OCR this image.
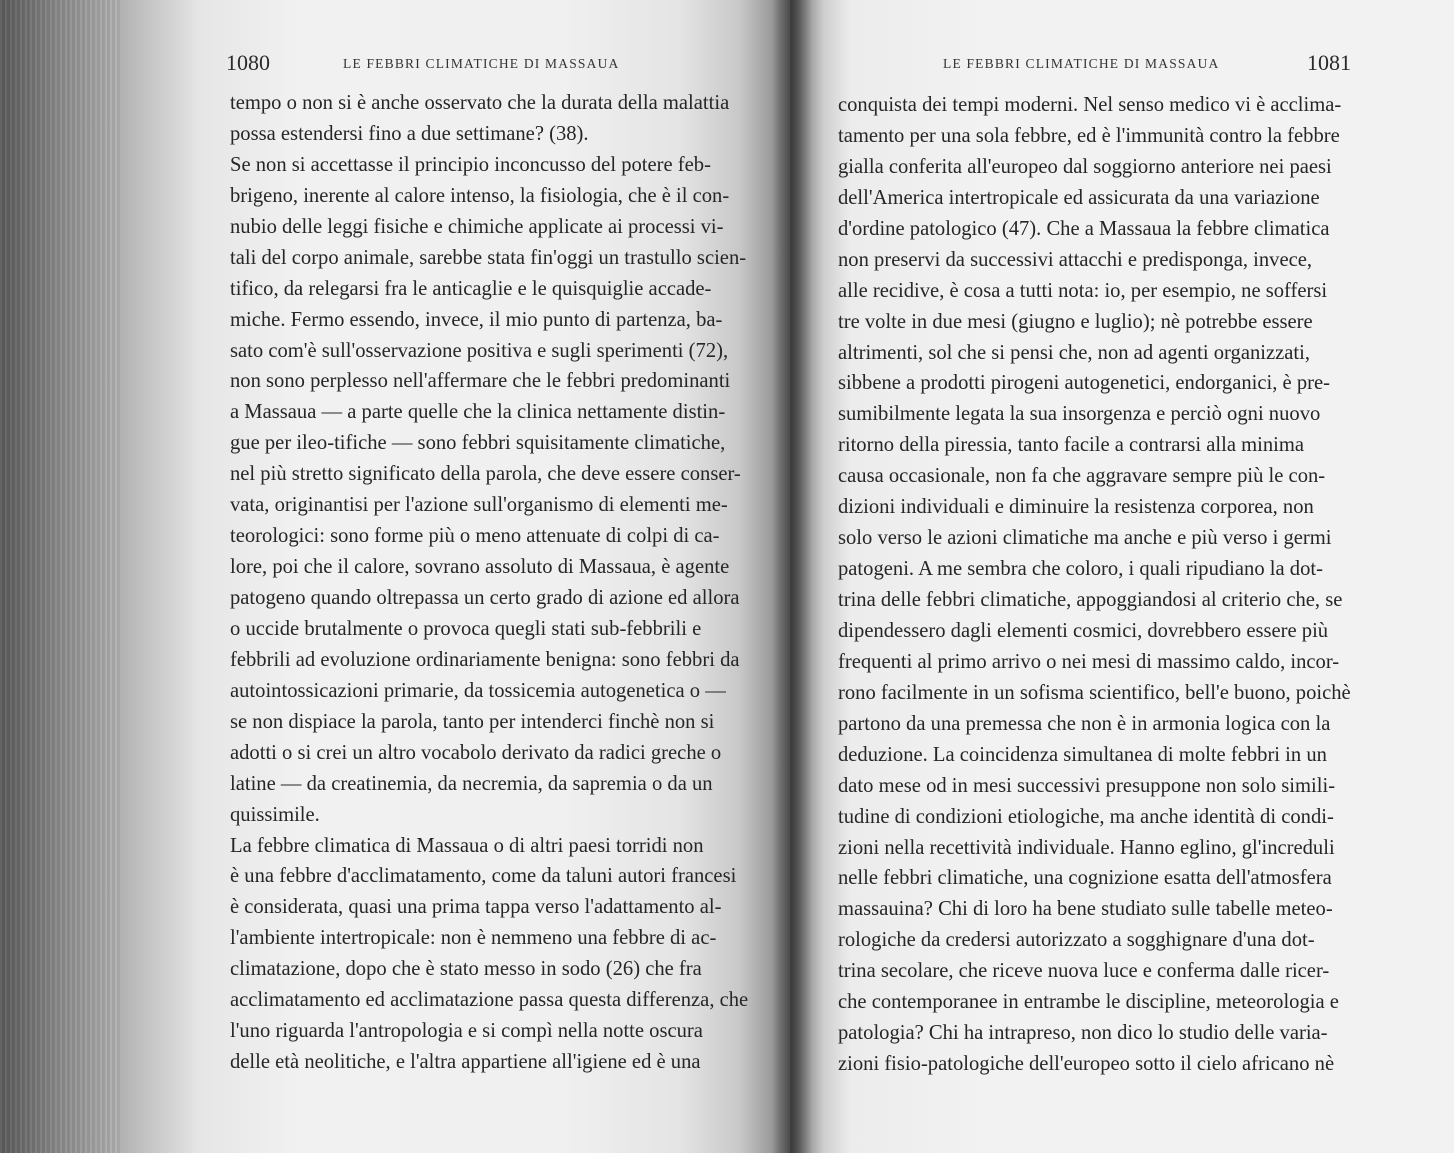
1080	LE FEBBRI CLIMATICHE DI MASSAUA	LE FEBBRI CLIMATICHE DI MASSAUA	1081
tempo o non si è anche osservato che la durata della malattia
possa estendersi fino a due settimane? (38).
Se non si accettasse il principio inconcusso del potere feb-
brigeno, inerente al calore intenso, la fisiologia, che è il con-
nubio delle leggi fisiche e chimiche applicate ai processi vi-
tali del corpo animale, sarebbe stata fin'oggi un trastullo scien-
tifico, da relegarsi fra le anticaglie e le quisquiglie accade-
miche. Fermo essendo, invece, il mio punto di partenza, ba-
sato com'è sull'osservazione positiva e sugli sperimenti (72),
non sono perplesso nell'affermare che le febbri predominanti
a Massaua — a parte quelle che la clinica nettamente distin-
gue per ileo-tifiche — sono febbri squisitamente climatiche,
nel più stretto significato della parola, che deve essere conser-
vata, originantisi per l'azione sull'organismo di elementi me-
teorologici: sono forme più o meno attenuate di colpi di ca-
lore, poi che il calore, sovrano assoluto di Massaua, è agente
patogeno quando oltrepassa un certo grado di azione ed allora
o uccide brutalmente o provoca quegli stati sub-febbrili e
febbrili ad evoluzione ordinariamente benigna: sono febbri da
autointossicazioni primarie, da tossicemia autogenetica o —
se non dispiace la parola, tanto per intenderci finchè non si
adotti o si crei un altro vocabolo derivato da radici greche o
latine — da creatinemia, da necremia, da sapremia o da un
quissimile.
La febbre climatica di Massaua o di altri paesi torridi non
è una febbre d'acclimatamento, come da taluni autori francesi
è considerata, quasi una prima tappa verso l'adattamento al-
l'ambiente intertropicale: non è nemmeno una febbre di ac-
climatazione, dopo che è stato messo in sodo (26) che fra
acclimatamento ed acclimatazione passa questa differenza, che
l'uno riguarda l'antropologia e si compì nella notte oscura
delle età neolitiche, e l'altra appartiene all'igiene ed è una
conquista dei tempi moderni. Nel senso medico vi è acclima-
tamento per una sola febbre, ed è l'immunità contro la febbre
gialla conferita all'europeo dal soggiorno anteriore nei paesi
dell'America intertropicale ed assicurata da una variazione
d'ordine patologico (47). Che a Massaua la febbre climatica
non preservi da successivi attacchi e predisponga, invece,
alle recidive, è cosa a tutti nota: io, per esempio, ne soffersi
tre volte in due mesi (giugno e luglio); nè potrebbe essere
altrimenti, sol che si pensi che, non ad agenti organizzati,
sibbene a prodotti pirogeni autogenetici, endorganici, è pre-
sumibilmente legata la sua insorgenza e perciò ogni nuovo
ritorno della piressia, tanto facile a contrarsi alla minima
causa occasionale, non fa che aggravare sempre più le con-
dizioni individuali e diminuire la resistenza corporea, non
solo verso le azioni climatiche ma anche e più verso i germi
patogeni. A me sembra che coloro, i quali ripudiano la dot-
trina delle febbri climatiche, appoggiandosi al criterio che, se
dipendessero dagli elementi cosmici, dovrebbero essere più
frequenti al primo arrivo o nei mesi di massimo caldo, incor-
rono facilmente in un sofisma scientifico, bell'e buono, poichè
partono da una premessa che non è in armonia logica con la
deduzione. La coincidenza simultanea di molte febbri in un
dato mese od in mesi successivi presuppone non solo simili-
tudine di condizioni etiologiche, ma anche identità di condi-
zioni nella recettività individuale. Hanno eglino, gl'increduli
nelle febbri climatiche, una cognizione esatta dell'atmosfera
massauina? Chi di loro ha bene studiato sulle tabelle meteo-
rologiche da credersi autorizzato a sogghignare d'una dot-
trina secolare, che riceve nuova luce e conferma dalle ricer-
che contemporanee in entrambe le discipline, meteorologia e
patologia? Chi ha intrapreso, non dico lo studio delle varia-
zioni fisio-patologiche dell'europeo sotto il cielo africano nè
